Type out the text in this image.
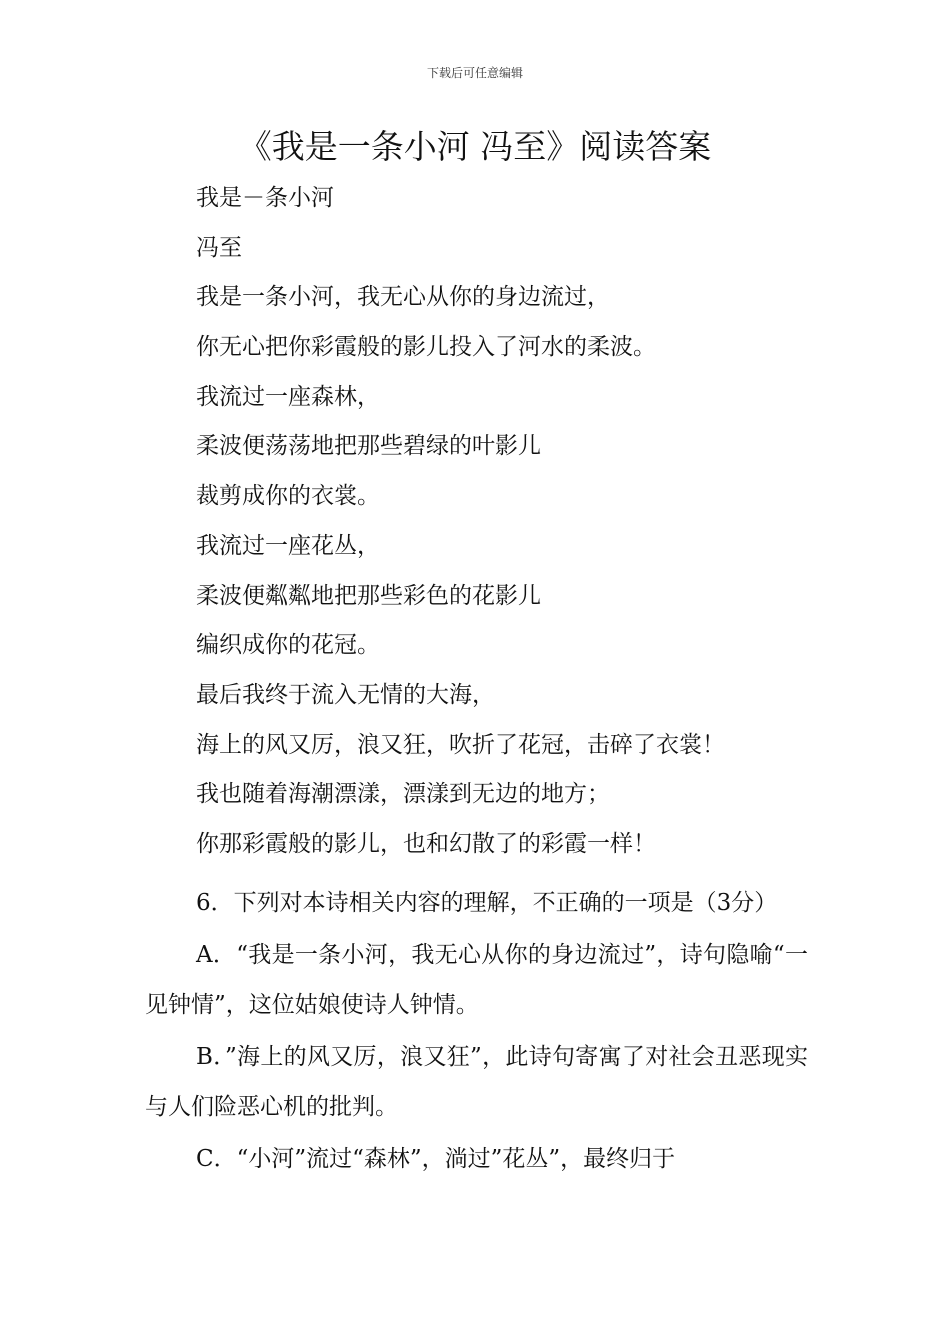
下载后可任意编辑
《我是一条小河 冯至》阅读答案
我是－条小河
冯至
我是一条小河，我无心从你的身边流过，
你无心把你彩霞般的影儿投入了河水的柔波。
我流过一座森林，
柔波便荡荡地把那些碧绿的叶影儿
裁剪成你的衣裳。
我流过一座花丛，
柔波便粼粼地把那些彩色的花影儿
编织成你的花冠。
最后我终于流入无情的大海，
海上的风又厉，浪又狂，吹折了花冠，击碎了衣裳！
我也随着海潮漂漾，漂漾到无边的地方；
你那彩霞般的影儿，也和幻散了的彩霞一样！

6．下列对本诗相关内容的理解，不正确的一项是（3分）

A．“我是一条小河，我无心从你的身边流过”，诗句隐喻“一见钟情”，这位姑娘使诗人钟情。

B．”海上的风又厉，浪又狂”，此诗句寄寓了对社会丑恶现实与人们险恶心机的批判。

C．“小河”流过“森林”，淌过”花丛”，最终归于
